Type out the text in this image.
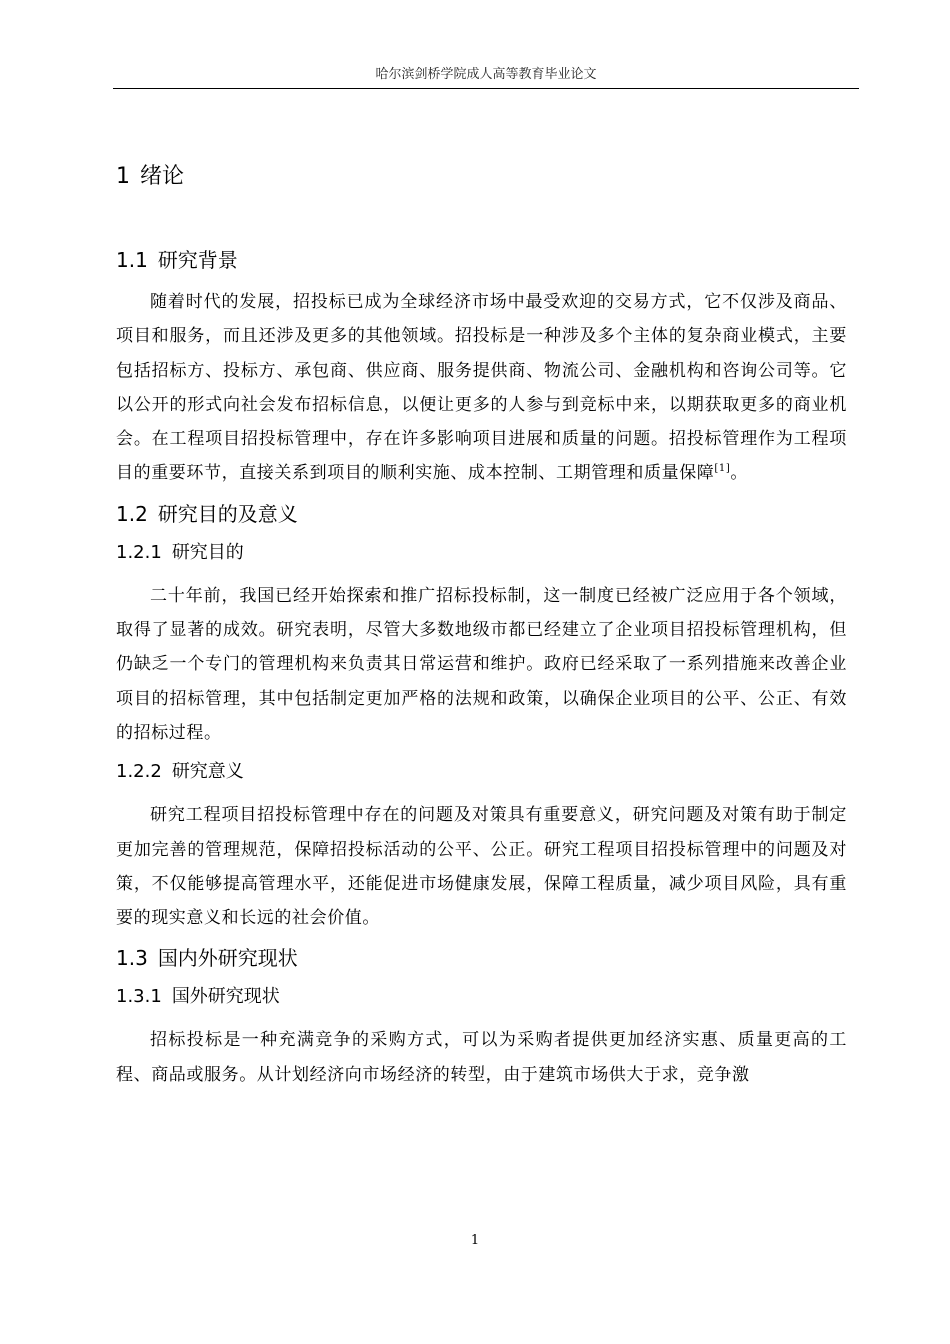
哈尔滨剑桥学院成人高等教育毕业论文
1 绪论
1.1 研究背景

随着时代的发展，招投标已成为全球经济市场中最受欢迎的交易方式，它不仅涉及商品、项目和服务，而且还涉及更多的其他领域。招投标是一种涉及多个主体的复杂商业模式，主要包括招标方、投标方、承包商、供应商、服务提供商、物流公司、金融机构和咨询公司等。它以公开的形式向社会发布招标信息，以便让更多的人参与到竞标中来，以期获取更多的商业机会。在工程项目招投标管理中，存在许多影响项目进展和质量的问题。招投标管理作为工程项目的重要环节，直接关系到项目的顺利实施、成本控制、工期管理和质量保障[1]。

1.2 研究目的及意义
1.2.1 研究目的

二十年前，我国已经开始探索和推广招标投标制，这一制度已经被广泛应用于各个领域，取得了显著的成效。研究表明，尽管大多数地级市都已经建立了企业项目招投标管理机构，但仍缺乏一个专门的管理机构来负责其日常运营和维护。政府已经采取了一系列措施来改善企业项目的招标管理，其中包括制定更加严格的法规和政策，以确保企业项目的公平、公正、有效的招标过程。

1.2.2 研究意义

研究工程项目招投标管理中存在的问题及对策具有重要意义，研究问题及对策有助于制定更加完善的管理规范，保障招投标活动的公平、公正。研究工程项目招投标管理中的问题及对策，不仅能够提高管理水平，还能促进市场健康发展，保障工程质量，减少项目风险，具有重要的现实意义和长远的社会价值。

1.3 国内外研究现状
1.3.1 国外研究现状

招标投标是一种充满竞争的采购方式，可以为采购者提供更加经济实惠、质量更高的工程、商品或服务。从计划经济向市场经济的转型，由于建筑市场供大于求，竞争激

1
